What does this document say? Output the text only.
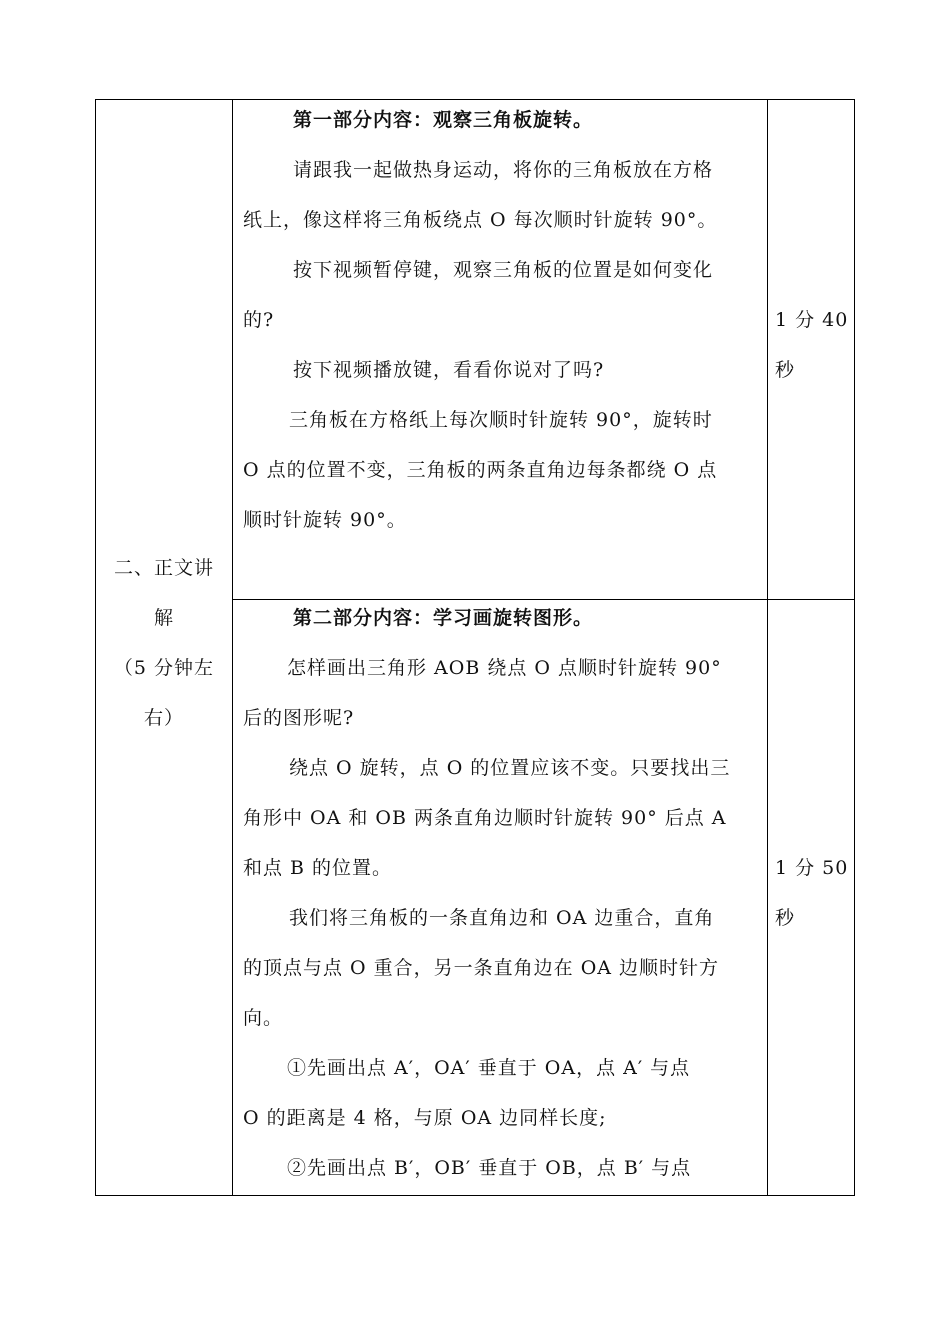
二、正文讲
解
（5 分钟左
右）
第一部分内容：观察三角板旋转。
请跟我一起做热身运动，将你的三角板放在方格
纸上，像这样将三角板绕点 O 每次顺时针旋转 90°。
按下视频暂停键，观察三角板的位置是如何变化
的?
按下视频播放键，看看你说对了吗?
三角板在方格纸上每次顺时针旋转 90°，旋转时
O 点的位置不变，三角板的两条直角边每条都绕 O 点
顺时针旋转 90°。
1 分 40
秒
第二部分内容：学习画旋转图形。
怎样画出三角形 AOB 绕点 O 点顺时针旋转 90°
后的图形呢?
绕点 O 旋转，点 O 的位置应该不变。只要找出三
角形中 OA 和 OB 两条直角边顺时针旋转 90° 后点 A
和点 B 的位置。
我们将三角板的一条直角边和 OA 边重合，直角
的顶点与点 O 重合，另一条直角边在 OA 边顺时针方
向。
①先画出点 A′，OA′ 垂直于 OA，点 A′ 与点
O 的距离是 4 格，与原 OA 边同样长度;
②先画出点 B′，OB′ 垂直于 OB，点 B′ 与点
1 分 50
秒
